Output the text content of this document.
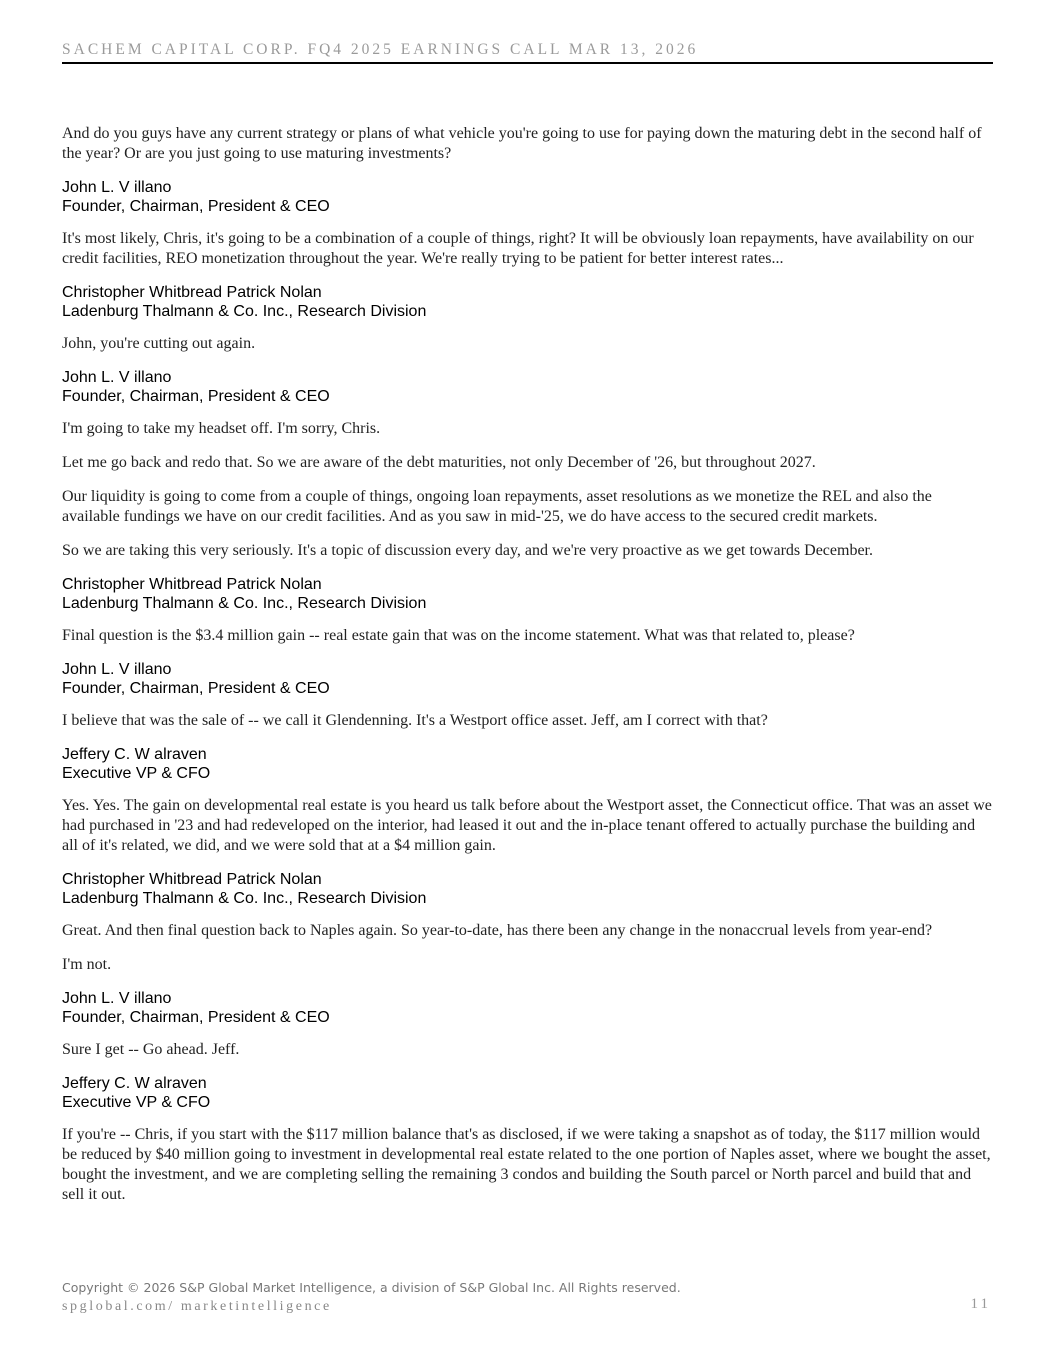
SACHEM CAPITAL CORP. FQ4 2025 EARNINGS CALL MAR 13, 2026

And do you guys have any current strategy or plans of what vehicle you're going to use for paying down the maturing debt in the second half of the year? Or are you just going to use maturing investments?

John L. V illano
Founder, Chairman, President & CEO

It's most likely, Chris, it's going to be a combination of a couple of things, right? It will be obviously loan repayments, have availability on our credit facilities, REO monetization throughout the year. We're really trying to be patient for better interest rates...

Christopher Whitbread Patrick Nolan
Ladenburg Thalmann & Co. Inc., Research Division

John, you're cutting out again.

John L. V illano
Founder, Chairman, President & CEO

I'm going to take my headset off. I'm sorry, Chris.

Let me go back and redo that. So we are aware of the debt maturities, not only December of '26, but throughout 2027.

Our liquidity is going to come from a couple of things, ongoing loan repayments, asset resolutions as we monetize the REL and also the available fundings we have on our credit facilities. And as you saw in mid-'25, we do have access to the secured credit markets.

So we are taking this very seriously. It's a topic of discussion every day, and we're very proactive as we get towards December.

Christopher Whitbread Patrick Nolan
Ladenburg Thalmann & Co. Inc., Research Division

Final question is the $3.4 million gain -- real estate gain that was on the income statement. What was that related to, please?

John L. V illano
Founder, Chairman, President & CEO

I believe that was the sale of -- we call it Glendenning. It's a Westport office asset. Jeff, am I correct with that?

Jeffery C. W alraven
Executive VP & CFO

Yes. Yes. The gain on developmental real estate is you heard us talk before about the Westport asset, the Connecticut office. That was an asset we had purchased in '23 and had redeveloped on the interior, had leased it out and the in-place tenant offered to actually purchase the building and all of it's related, we did, and we were sold that at a $4 million gain.

Christopher Whitbread Patrick Nolan
Ladenburg Thalmann & Co. Inc., Research Division

Great. And then final question back to Naples again. So year-to-date, has there been any change in the nonaccrual levels from year-end?

I'm not.

John L. V illano
Founder, Chairman, President & CEO

Sure I get -- Go ahead. Jeff.

Jeffery C. W alraven
Executive VP & CFO

If you're -- Chris, if you start with the $117 million balance that's as disclosed, if we were taking a snapshot as of today, the $117 million would be reduced by $40 million going to investment in developmental real estate related to the one portion of Naples asset, where we bought the asset, bought the investment, and we are completing selling the remaining 3 condos and building the South parcel or North parcel and build that and sell it out.

Copyright © 2026 S&P Global Market Intelligence, a division of S&P Global Inc. All Rights reserved.
spglobal.com/ marketintelligence	11
